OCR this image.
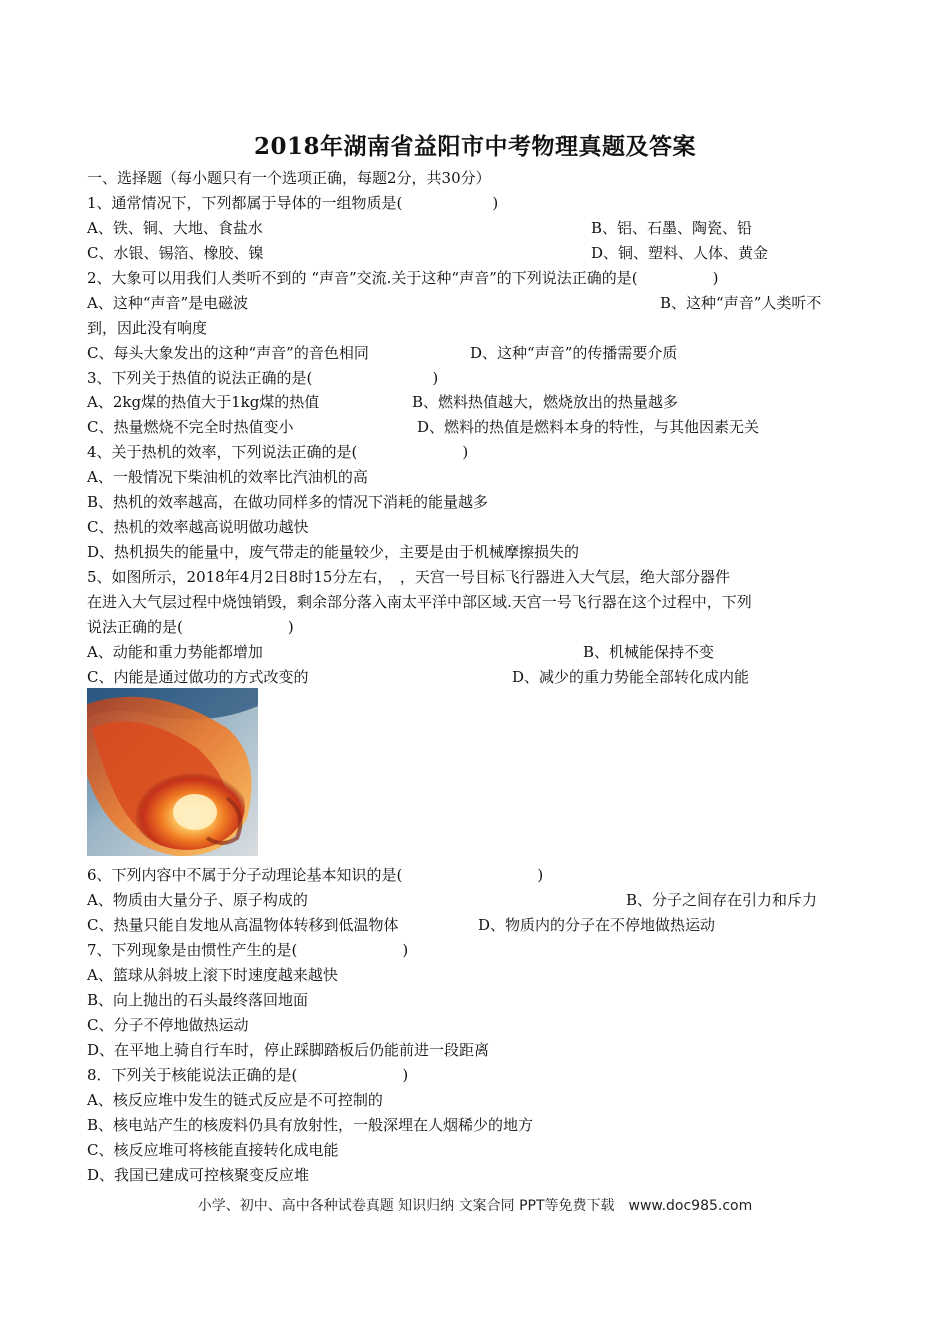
2018年湖南省益阳市中考物理真题及答案
一、选择题（每小题只有一个选项正确，每题2分，共30分）
1、通常情况下，下列都属于导体的一组物质是(　　　　　　)
A、铁、铜、大地、食盐水	B、铝、石墨、陶瓷、铅
C、水银、锡箔、橡胶、镍	D、铜、塑料、人体、黄金
2、大象可以用我们人类听不到的 “声音”交流.关于这种“声音”的下列说法正确的是(　　　　　)
A、这种“声音”是电磁波	B、这种“声音”人类听不
到，因此没有响度
C、每头大象发出的这种“声音”的音色相同	D、这种“声音”的传播需要介质
3、下列关于热值的说法正确的是(　　　　　　　　)
A、2kg煤的热值大于1kg煤的热值	B、燃料热值越大，燃烧放出的热量越多
C、热量燃烧不完全时热值变小	D、燃料的热值是燃料本身的特性，与其他因素无关
4、关于热机的效率，下列说法正确的是(　　　　　　　)
A、一般情况下柴油机的效率比汽油机的高
B、热机的效率越高，在做功同样多的情况下消耗的能量越多
C、热机的效率越高说明做功越快
D、热机损失的能量中，废气带走的能量较少，主要是由于机械摩擦损失的
5、如图所示，2018年4月2日8时15分左右，　，天宫一号目标飞行器进入大气层，绝大部分器件
在进入大气层过程中烧蚀销毁，剩余部分落入南太平洋中部区域.天宫一号飞行器在这个过程中，下列
说法正确的是(　　　　　　　)
A、动能和重力势能都增加	B、机械能保持不变
C、内能是通过做功的方式改变的	D、减少的重力势能全部转化成内能
6、下列内容中不属于分子动理论基本知识的是(　　　　　　　　　)
A、物质由大量分子、原子构成的	B、分子之间存在引力和斥力
C、热量只能自发地从高温物体转移到低温物体	D、物质内的分子在不停地做热运动
7、下列现象是由惯性产生的是(　　　　　　　)
A、篮球从斜坡上滚下时速度越来越快
B、向上抛出的石头最终落回地面
C、分子不停地做热运动
D、在平地上骑自行车时，停止踩脚踏板后仍能前进一段距离
8．下列关于核能说法正确的是(　　　　　　　)
A、核反应堆中发生的链式反应是不可控制的
B、核电站产生的核废料仍具有放射性，一般深埋在人烟稀少的地方
C、核反应堆可将核能直接转化成电能
D、我国已建成可控核聚变反应堆
小学、初中、高中各种试卷真题 知识归纳 文案合同 PPT等免费下载　www.doc985.com
